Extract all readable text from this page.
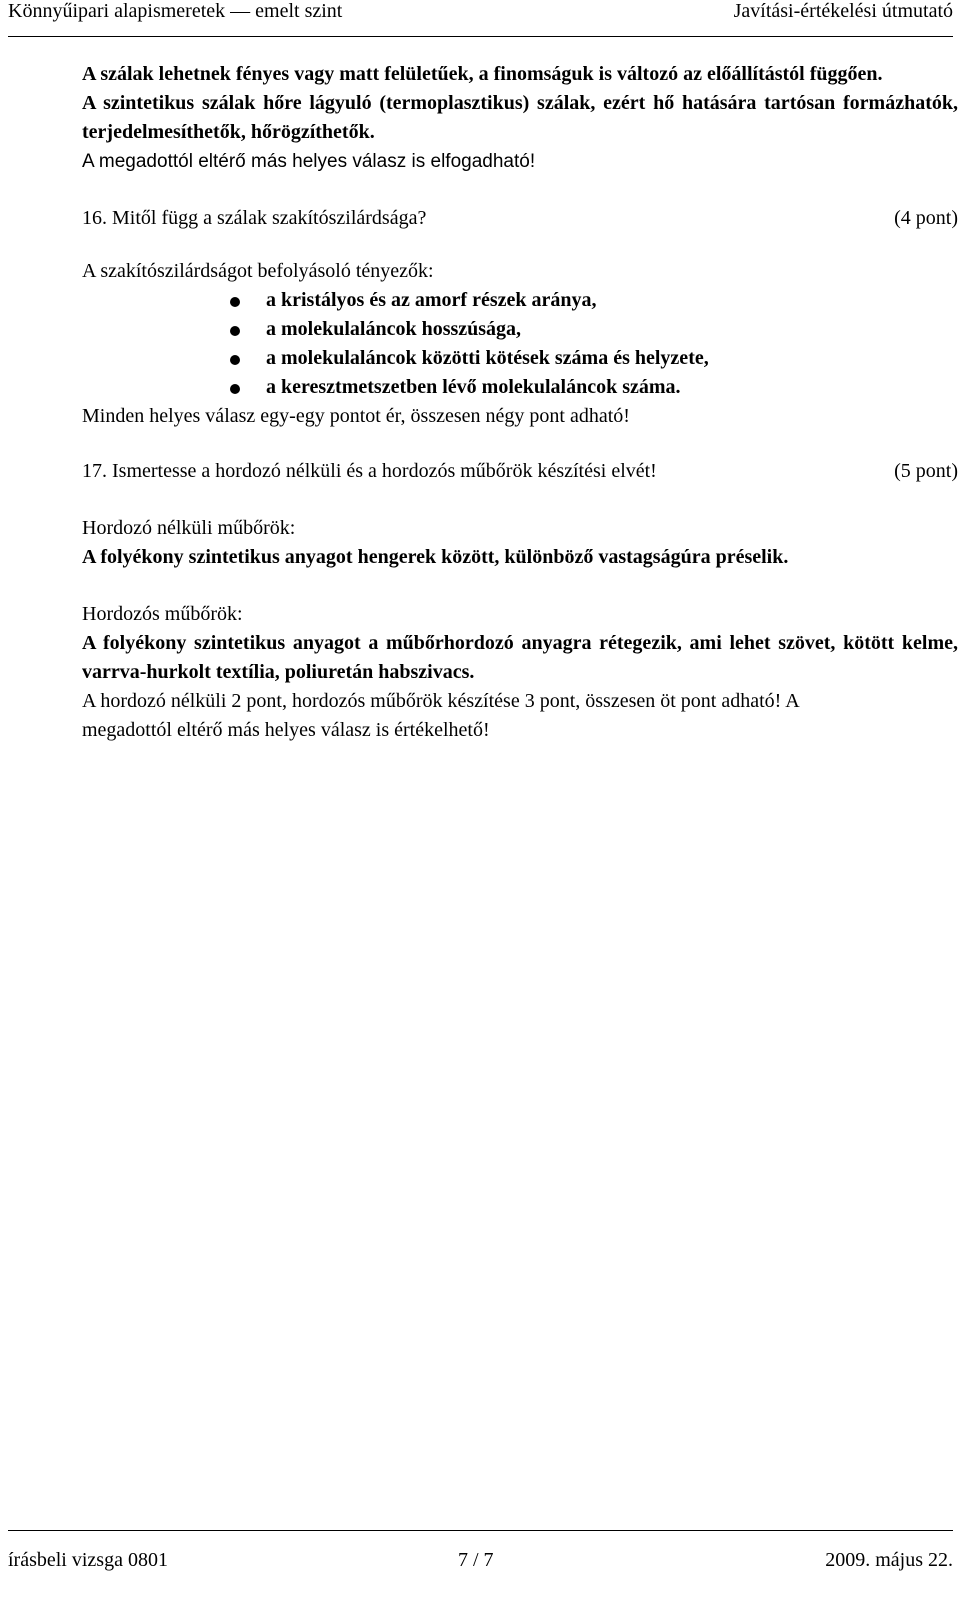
Könnyűipari alapismeretek — emelt szint	Javítási-értékelési útmutató

A szálak lehetnek fényes vagy matt felületűek, a finomságuk is változó az előállítástól függően.

A szintetikus szálak hőre lágyuló (termoplasztikus) szálak, ezért hő hatására tartósan formázhatók, terjedelmesíthetők, hőrögzíthetők.

A megadottól eltérő más helyes válasz is elfogadható!

16. Mitől függ a szálak szakítószilárdsága?	(4 pont)

A szakítószilárdságot befolyásoló tényezők:

a kristályos és az amorf részek aránya,
a molekulaláncok hosszúsága,
a molekulaláncok közötti kötések száma és helyzete,
a keresztmetszetben lévő molekulaláncok száma.

Minden helyes válasz egy-egy pontot ér, összesen négy pont adható!

17. Ismertesse a hordozó nélküli és a hordozós műbőrök készítési elvét!	(5 pont)

Hordozó nélküli műbőrök:

A folyékony szintetikus anyagot hengerek között, különböző vastagságúra préselik.

Hordozós műbőrök:

A folyékony szintetikus anyagot a műbőrhordozó anyagra rétegezik, ami lehet szövet, kötött kelme, varrva-hurkolt textília, poliuretán habszivacs.

A hordozó nélküli 2 pont, hordozós műbőrök készítése 3 pont, összesen öt pont adható! A megadottól eltérő más helyes válasz is értékelhető!

írásbeli vizsga 0801	7 / 7	2009. május 22.
